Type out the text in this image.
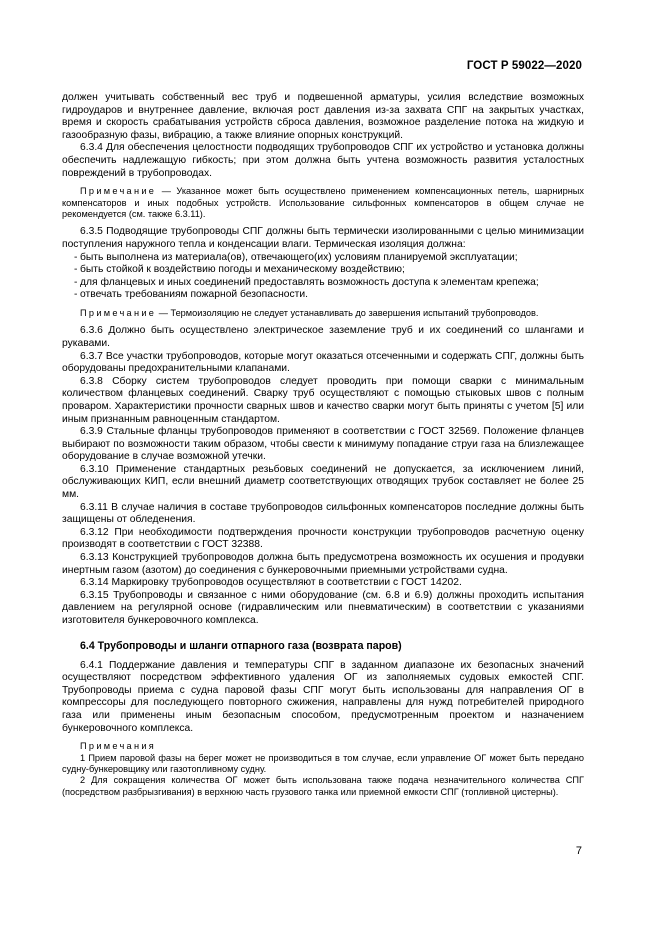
ГОСТ Р 59022—2020

должен учитывать собственный вес труб и подвешенной арматуры, усилия вследствие возможных гидроударов и внутреннее давление, включая рост давления из-за захвата СПГ на закрытых участках, время и скорость срабатывания устройств сброса давления, возможное разделение потока на жидкую и газообразную фазы, вибрацию, а также влияние опорных конструкций.

6.3.4 Для обеспечения целостности подводящих трубопроводов СПГ их устройство и установка должны обеспечить надлежащую гибкость; при этом должна быть учтена возможность развития усталостных повреждений в трубопроводах.

Примечание — Указанное может быть осуществлено применением компенсационных петель, шарнирных компенсаторов и иных подобных устройств. Использование сильфонных компенсаторов в общем случае не рекомендуется (см. также 6.3.11).

6.3.5 Подводящие трубопроводы СПГ должны быть термически изолированными с целью минимизации поступления наружного тепла и конденсации влаги. Термическая изоляция должна:

- быть выполнена из материала(ов), отвечающего(их) условиям планируемой эксплуатации;
- быть стойкой к воздействию погоды и механическому воздействию;
- для фланцевых и иных соединений предоставлять возможность доступа к элементам крепежа;
- отвечать требованиям пожарной безопасности.

Примечание — Термоизоляцию не следует устанавливать до завершения испытаний трубопроводов.

6.3.6 Должно быть осуществлено электрическое заземление труб и их соединений со шлангами и рукавами.

6.3.7 Все участки трубопроводов, которые могут оказаться отсеченными и содержать СПГ, должны быть оборудованы предохранительными клапанами.

6.3.8 Сборку систем трубопроводов следует проводить при помощи сварки с минимальным количеством фланцевых соединений. Сварку труб осуществляют с помощью стыковых швов с полным проваром. Характеристики прочности сварных швов и качество сварки могут быть приняты с учетом [5] или иным признанным равноценным стандартом.

6.3.9 Стальные фланцы трубопроводов применяют в соответствии с ГОСТ 32569. Положение фланцев выбирают по возможности таким образом, чтобы свести к минимуму попадание струи газа на близлежащее оборудование в случае возможной утечки.

6.3.10 Применение стандартных резьбовых соединений не допускается, за исключением линий, обслуживающих КИП, если внешний диаметр соответствующих отводящих трубок составляет не более 25 мм.

6.3.11 В случае наличия в составе трубопроводов сильфонных компенсаторов последние должны быть защищены от обледенения.

6.3.12 При необходимости подтверждения прочности конструкции трубопроводов расчетную оценку производят в соответствии с ГОСТ 32388.

6.3.13 Конструкцией трубопроводов должна быть предусмотрена возможность их осушения и продувки инертным газом (азотом) до соединения с бункеровочными приемными устройствами судна.

6.3.14 Маркировку трубопроводов осуществляют в соответствии с ГОСТ 14202.

6.3.15 Трубопроводы и связанное с ними оборудование (см. 6.8 и 6.9) должны проходить испытания давлением на регулярной основе (гидравлическим или пневматическим) в соответствии с указаниями изготовителя бункеровочного комплекса.

6.4 Трубопроводы и шланги отпарного газа (возврата паров)

6.4.1 Поддержание давления и температуры СПГ в заданном диапазоне их безопасных значений осуществляют посредством эффективного удаления ОГ из заполняемых судовых емкостей СПГ. Трубопроводы приема с судна паровой фазы СПГ могут быть использованы для направления ОГ в компрессоры для последующего повторного сжижения, направлены для нужд потребителей природного газа или применены иным безопасным способом, предусмотренным проектом и назначением бункеровочного комплекса.

Примечания

1 Прием паровой фазы на берег может не производиться в том случае, если управление ОГ может быть передано судну-бункеровщику или газотопливному судну.

2 Для сокращения количества ОГ может быть использована также подача незначительного количества СПГ (посредством разбрызгивания) в верхнюю часть грузового танка или приемной емкости СПГ (топливной цистерны).

7
